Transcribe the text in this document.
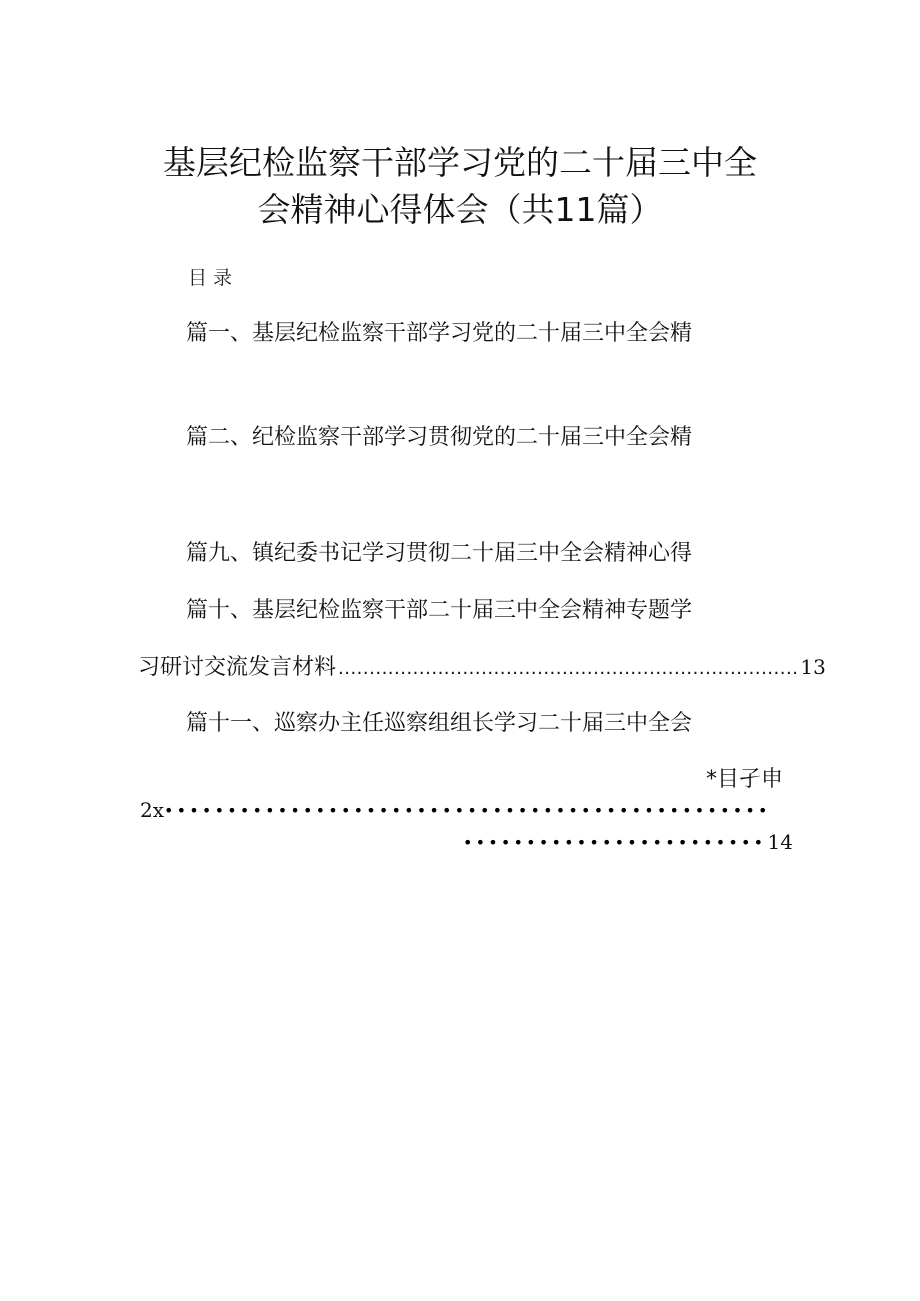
基层纪检监察干部学习党的二十届三中全
会精神心得体会（共11篇）
目录
篇一、基层纪检监察干部学习党的二十届三中全会精
篇二、纪检监察干部学习贯彻党的二十届三中全会精
篇九、镇纪委书记学习贯彻二十届三中全会精神心得
篇十、基层纪检监察干部二十届三中全会精神专题学
习研讨交流发言材料 .......................................................................... 13
篇十一、巡察办主任巡察组组长学习二十届三中全会
*目孑申
2x ••••••••••••••••••••••••••••••••••••••••••••••••
•••••••••••••••••••••••• 14
